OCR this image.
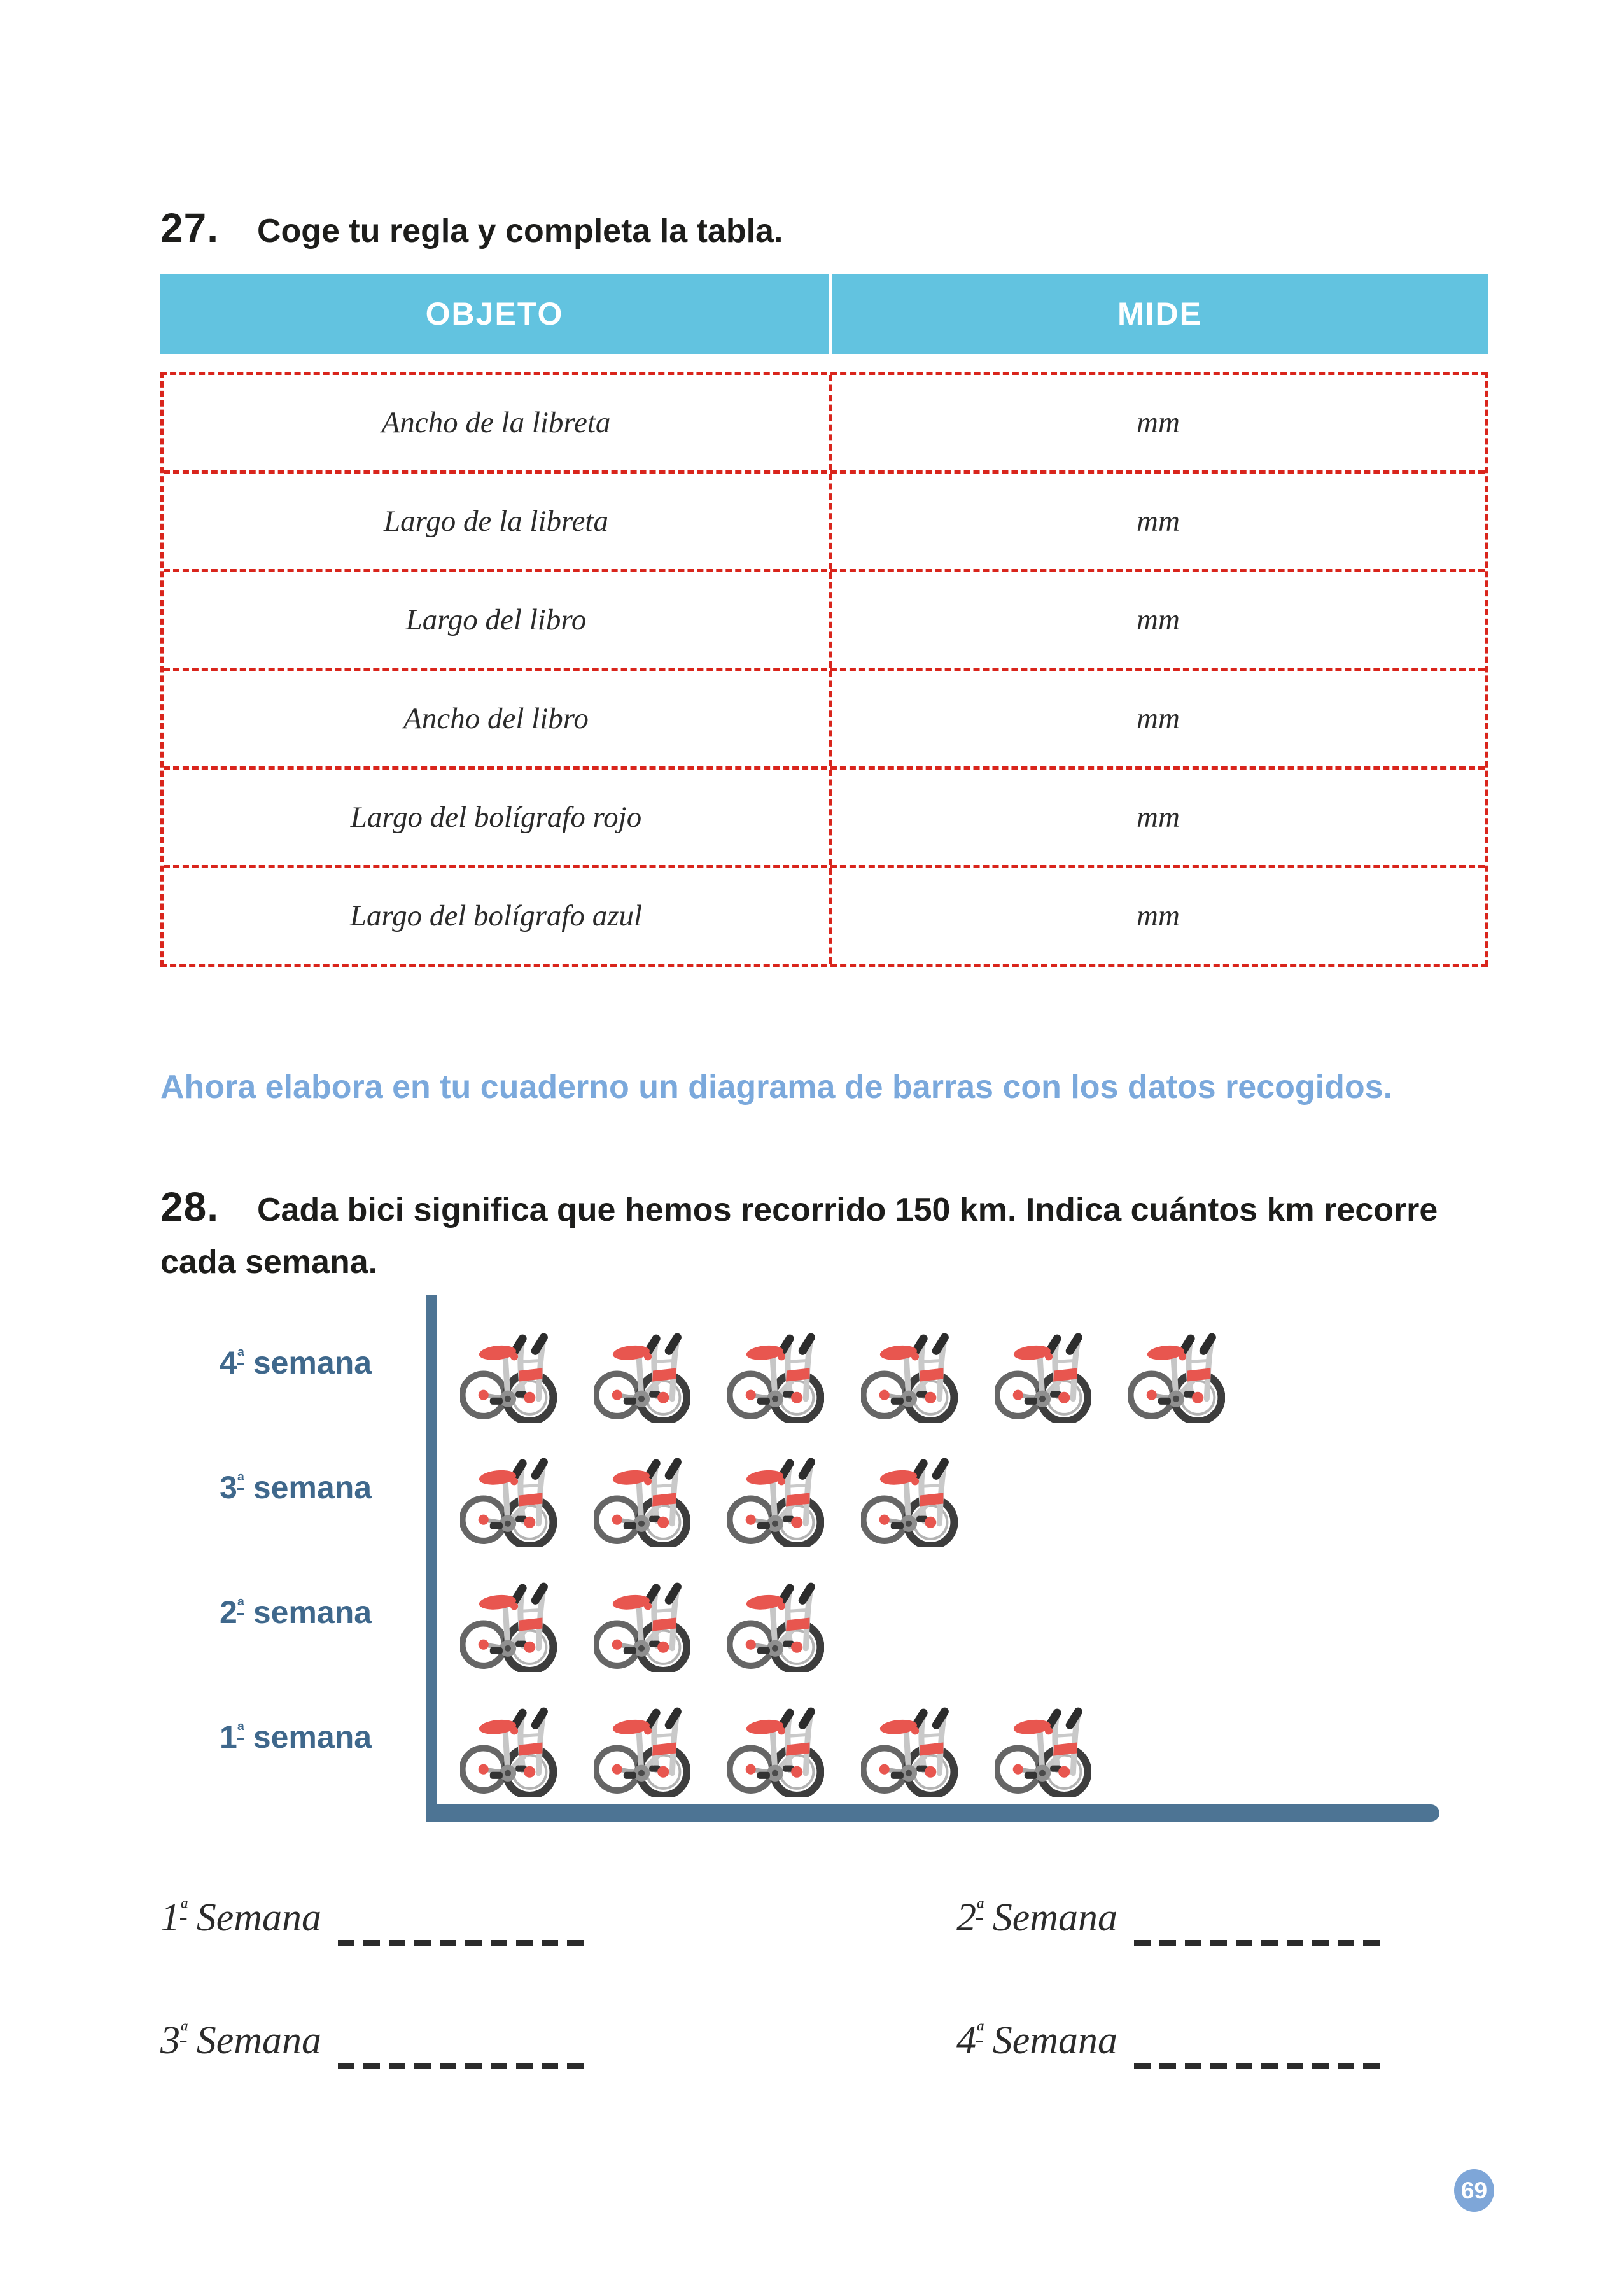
27. Coge tu regla y completa la tabla.

OBJETO	MIDE
Ancho de la libreta	mm
Largo de la libreta	mm
Largo del libro	mm
Ancho del libro	mm
Largo del bolígrafo rojo	mm
Largo del bolígrafo azul	mm

Ahora elabora en tu cuaderno un diagrama de barras con los datos recogidos.

28. Cada bici significa que hemos recorrido 150 km. Indica cuántos km recorre cada semana.

$4^ª$ semana
$3^ª$ semana
$2^ª$ semana
$1^ª$ semana
$1^ª$ Semana	$2^ª$ Semana
$3^ª$ Semana	$4^ª$ Semana
69
